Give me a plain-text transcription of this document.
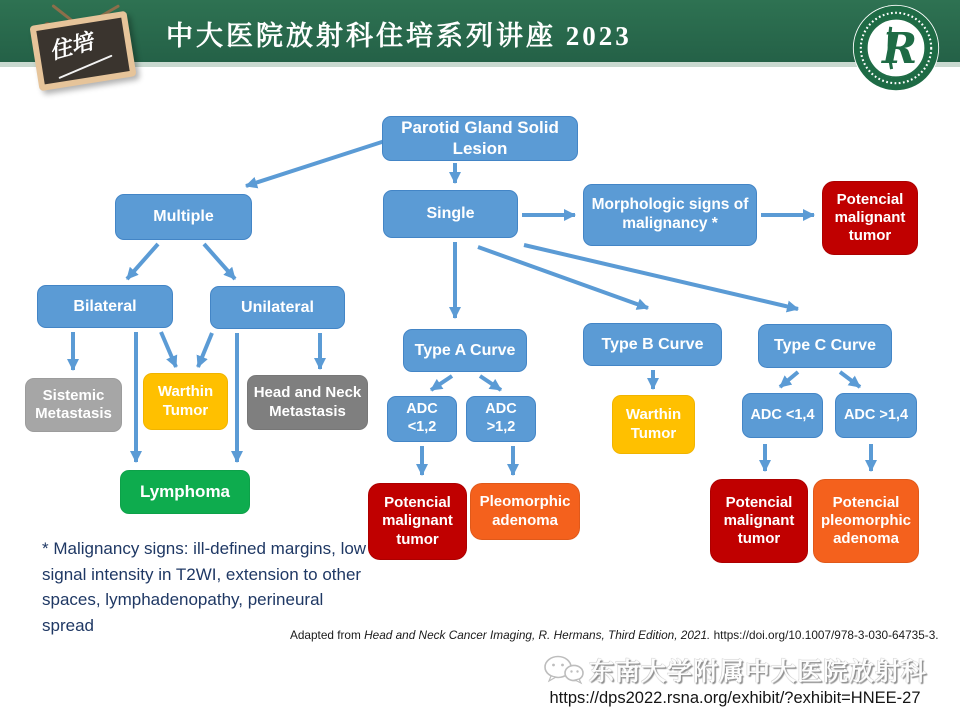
中大医院放射科住培系列讲座 2023
住培	R
Parotid Gland Solid Lesion
Multiple	Single
Morphologic signs of malignancy *
Potencial malignant tumor
Bilateral	Unilateral
Sistemic Metastasis
Warthin Tumor
Head and Neck Metastasis
Lymphoma
Type A Curve	Type B Curve	Type C Curve
ADC <1,2
ADC >1,2
Warthin Tumor
ADC <1,4	ADC >1,4
Potencial malignant tumor
Pleomorphic adenoma
Potencial malignant tumor
Potencial pleomorphic adenoma
* Malignancy signs: ill-defined margins, low signal intensity in T2WI, extension to other spaces, lymphadenopathy, perineural spread
Adapted from Head and Neck Cancer Imaging, R. Hermans, Third Edition, 2021. https://doi.org/10.1007/978-3-030-64735-3.
东南大学附属中大医院放射科
https://dps2022.rsna.org/exhibit/?exhibit=HNEE-27
